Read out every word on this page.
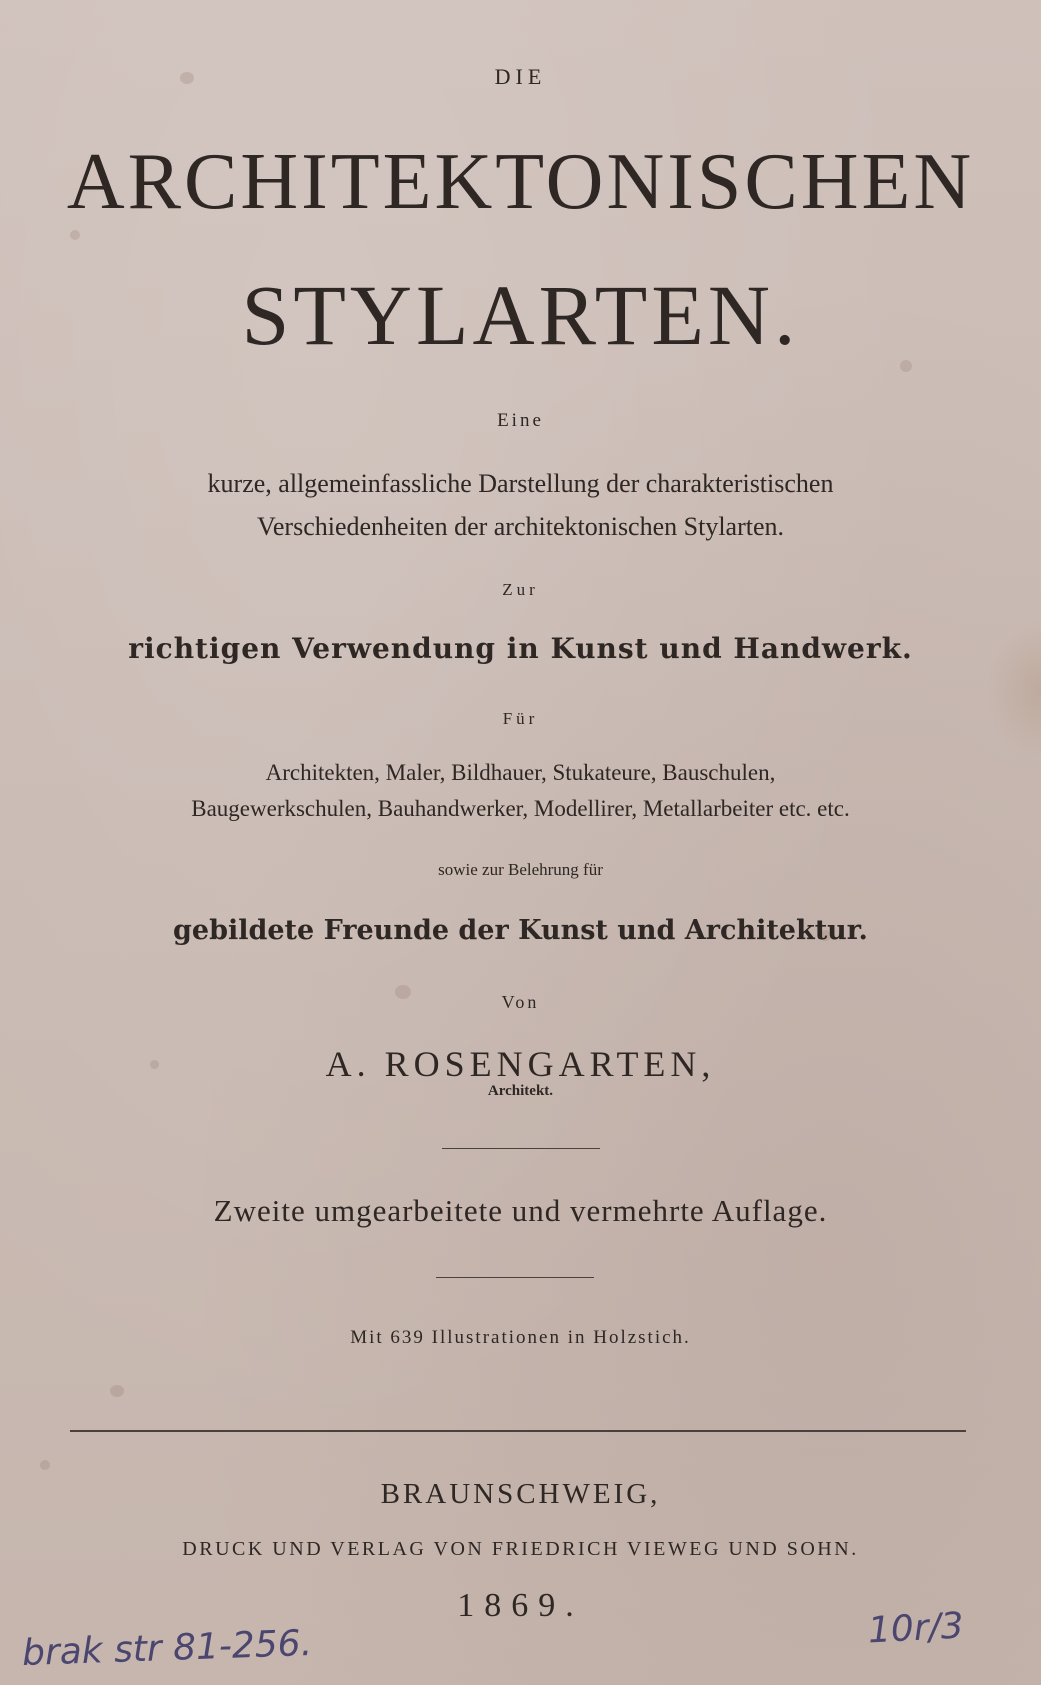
DIE
ARCHITEKTONISCHEN
STYLARTEN.
Eine
kurze, allgemeinfassliche Darstellung der charakteristischen
Verschiedenheiten der architektonischen Stylarten.
Zur
richtigen Verwendung in Kunst und Handwerk.
Für
Architekten, Maler, Bildhauer, Stukateure, Bauschulen,
Baugewerkschulen, Bauhandwerker, Modellirer, Metallarbeiter etc. etc.
sowie zur Belehrung für
gebildete Freunde der Kunst und Architektur.
Von
A. ROSENGARTEN,
Architekt.
Zweite umgearbeitete und vermehrte Auflage.
Mit 639 Illustrationen in Holzstich.
BRAUNSCHWEIG,
DRUCK UND VERLAG VON FRIEDRICH VIEWEG UND SOHN.
1869.
brak str 81-256.	10r/3
